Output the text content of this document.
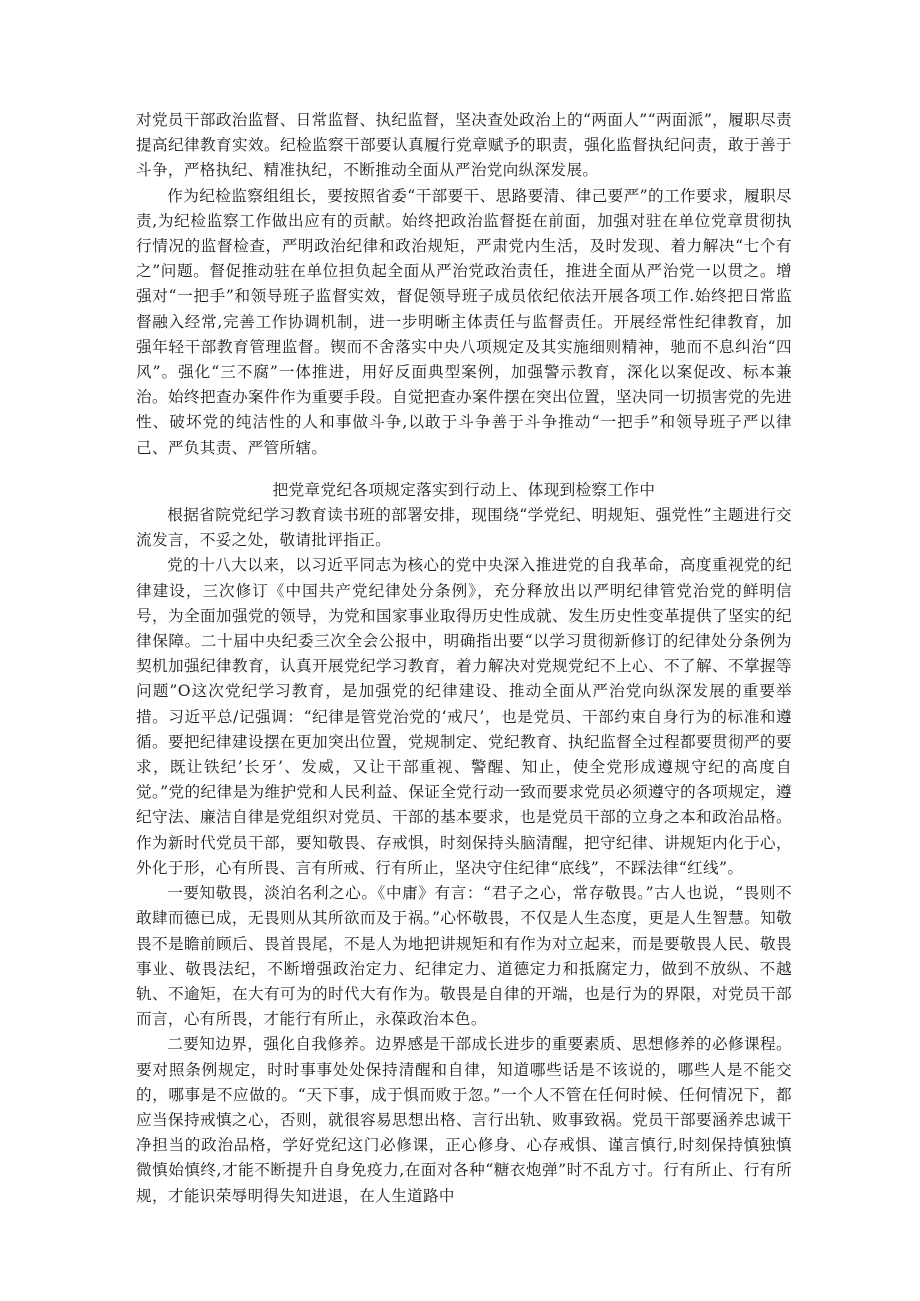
对党员干部政治监督、日常监督、执纪监督，坚决查处政治上的“两面人”“两面派”，履职尽责提高纪律教育实效。纪检监察干部要认真履行党章赋予的职责，强化监督执纪问责，敢于善于斗争，严格执纪、精准执纪，不断推动全面从严治党向纵深发展。

作为纪检监察组组长，要按照省委“干部要干、思路要清、律己要严”的工作要求，履职尽责,为纪检监察工作做出应有的贡献。始终把政治监督挺在前面，加强对驻在单位党章贯彻执行情况的监督检查，严明政治纪律和政治规矩，严肃党内生活，及时发现、着力解决“七个有之”问题。督促推动驻在单位担负起全面从严治党政治责任，推进全面从严治党一以贯之。增强对“一把手”和领导班子监督实效，督促领导班子成员依纪依法开展各项工作.始终把日常监督融入经常,完善工作协调机制，进一步明晰主体责任与监督责任。开展经常性纪律教育，加强年轻干部教育管理监督。锲而不舍落实中央八项规定及其实施细则精神，驰而不息纠治“四风”。强化“三不腐”一体推进，用好反面典型案例，加强警示教育，深化以案促改、标本兼治。始终把查办案件作为重要手段。自觉把查办案件摆在突出位置，坚决同一切损害党的先进性、破坏党的纯洁性的人和事做斗争,以敢于斗争善于斗争推动“一把手”和领导班子严以律己、严负其责、严管所辖。

把党章党纪各项规定落实到行动上、体现到检察工作中

根据省院党纪学习教育读书班的部署安排，现围绕“学党纪、明规矩、强党性”主题进行交流发言，不妥之处，敬请批评指正。

党的十八大以来，以习近平同志为核心的党中央深入推进党的自我革命，高度重视党的纪律建设，三次修订《中国共产党纪律处分条例》，充分释放出以严明纪律管党治党的鲜明信号，为全面加强党的领导，为党和国家事业取得历史性成就、发生历史性变革提供了坚实的纪律保障。二十届中央纪委三次全会公报中，明确指出要“以学习贯彻新修订的纪律处分条例为契机加强纪律教育，认真开展党纪学习教育，着力解决对党规党纪不上心、不了解、不掌握等问题”O这次党纪学习教育，是加强党的纪律建设、推动全面从严治党向纵深发展的重要举措。习近平总/记强调：“纪律是管党治党的‘戒尺’，也是党员、干部约束自身行为的标准和遵循。要把纪律建设摆在更加突出位置，党规制定、党纪教育、执纪监督全过程都要贯彻严的要求，既让铁纪’长牙’、发威，又让干部重视、警醒、知止，使全党形成遵规守纪的高度自觉。”党的纪律是为维护党和人民利益、保证全党行动一致而要求党员必须遵守的各项规定，遵纪守法、廉洁自律是党组织对党员、干部的基本要求，也是党员干部的立身之本和政治品格。作为新时代党员干部，要知敬畏、存戒惧，时刻保持头脑清醒，把守纪律、讲规矩内化于心，外化于形，心有所畏、言有所戒、行有所止，坚决守住纪律“底线”，不踩法律“红线”。

一要知敬畏，淡泊名利之心。《中庸》有言：“君子之心，常存敬畏。”古人也说，“畏则不敢肆而德已成，无畏则从其所欲而及于祸。”心怀敬畏，不仅是人生态度，更是人生智慧。知敬畏不是瞻前顾后、畏首畏尾，不是人为地把讲规矩和有作为对立起来，而是要敬畏人民、敬畏事业、敬畏法纪，不断增强政治定力、纪律定力、道德定力和抵腐定力，做到不放纵、不越轨、不逾矩，在大有可为的时代大有作为。敬畏是自律的开端，也是行为的界限，对党员干部而言，心有所畏，才能行有所止，永葆政治本色。

二要知边界，强化自我修养。边界感是干部成长进步的重要素质、思想修养的必修课程。要对照条例规定，时时事事处处保持清醒和自律，知道哪些话是不该说的，哪些人是不能交的，哪事是不应做的。“天下事，成于惧而败于忽。”一个人不管在任何时候、任何情况下，都应当保持戒慎之心，否则，就很容易思想出格、言行出轨、败事致祸。党员干部要涵养忠诚干净担当的政治品格，学好党纪这门必修课，正心修身、心存戒惧、谨言慎行,时刻保持慎独慎微慎始慎终,才能不断提升自身免疫力,在面对各种“糖衣炮弹”时不乱方寸。行有所止、行有所规，才能识荣辱明得失知进退，在人生道路中
